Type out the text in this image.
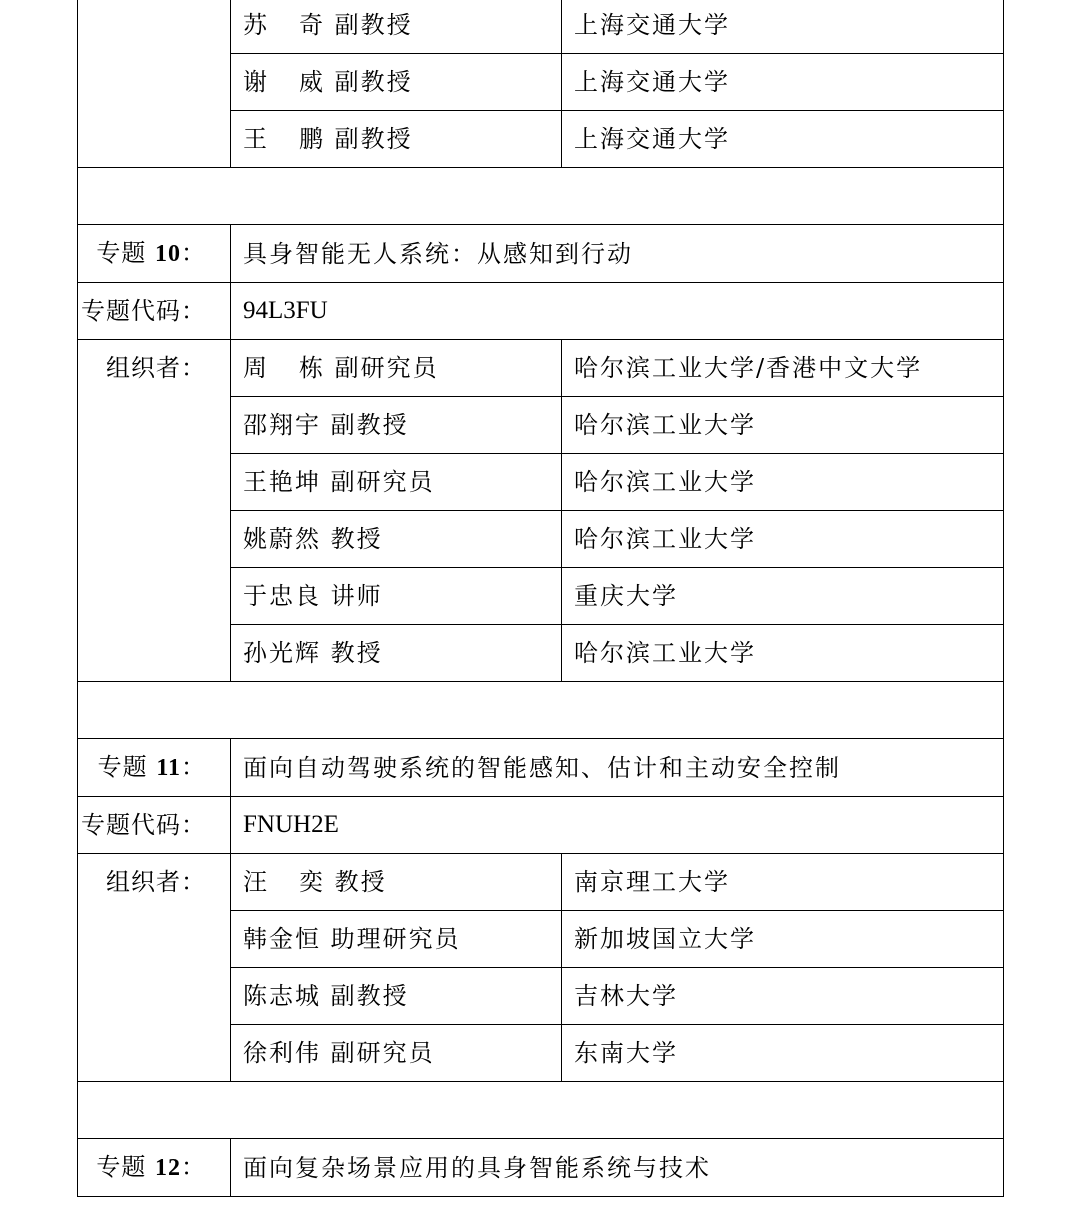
	苏 奇 副教授	上海交通大学
	谢 威 副教授	上海交通大学
	王 鹏 副教授	上海交通大学

专题 10：	具身智能无人系统：从感知到行动	
专题代码：	94L3FU	
组织者：	周 栋 副研究员	哈尔滨工业大学/香港中文大学
	邵翔宇 副教授	哈尔滨工业大学
	王艳坤 副研究员	哈尔滨工业大学
	姚蔚然 教授	哈尔滨工业大学
	于忠良 讲师	重庆大学
	孙光辉 教授	哈尔滨工业大学

专题 11：	面向自动驾驶系统的智能感知、估计和主动安全控制	
专题代码：	FNUH2E	
组织者：	汪 奕 教授	南京理工大学
	韩金恒 助理研究员	新加坡国立大学
	陈志城 副教授	吉林大学
	徐利伟 副研究员	东南大学

专题 12：	面向复杂场景应用的具身智能系统与技术	
